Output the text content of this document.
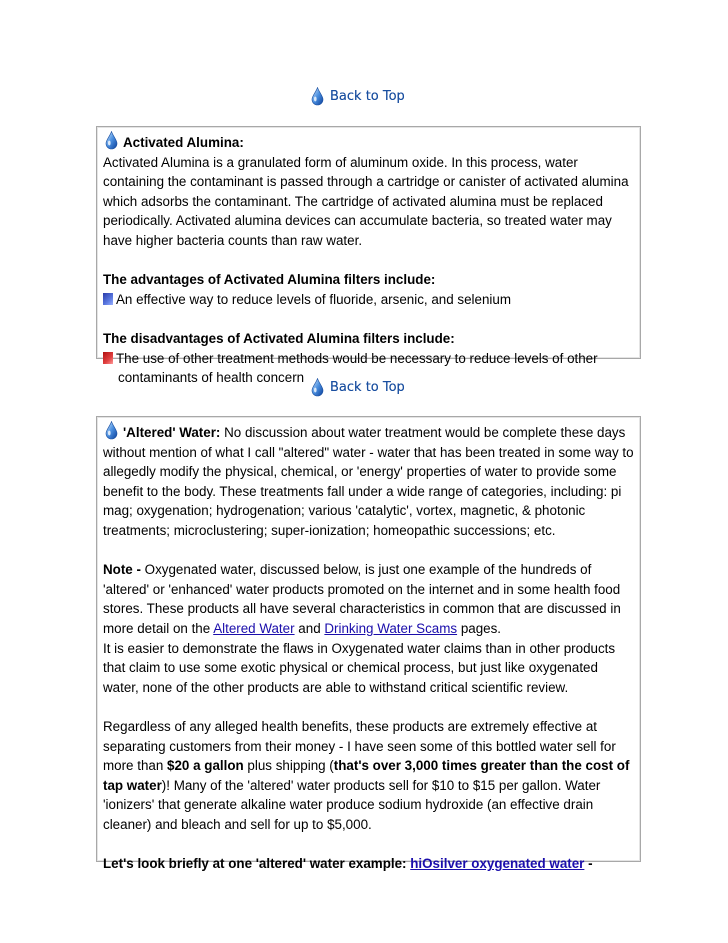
Back to Top

Activated Alumina:

Activated Alumina is a granulated form of aluminum oxide. In this process, water containing the contaminant is passed through a cartridge or canister of activated alumina which adsorbs the contaminant. The cartridge of activated alumina must be replaced periodically. Activated alumina devices can accumulate bacteria, so treated water may have higher bacteria counts than raw water.

The advantages of Activated Alumina filters include:

An effective way to reduce levels of fluoride, arsenic, and selenium

The disadvantages of Activated Alumina filters include:

The use of other treatment methods would be necessary to reduce levels of other

contaminants of health concern

Back to Top

'Altered' Water: No discussion about water treatment would be complete these days without mention of what I call "altered" water - water that has been treated in some way to allegedly modify the physical, chemical, or 'energy' properties of water to provide some benefit to the body. These treatments fall under a wide range of categories, including: pi mag; oxygenation; hydrogenation; various 'catalytic', vortex, magnetic, & photonic treatments; microclustering; super-ionization; homeopathic successions; etc.

Note - Oxygenated water, discussed below, is just one example of the hundreds of 'altered' or 'enhanced' water products promoted on the internet and in some health food stores. These products all have several characteristics in common that are discussed in more detail on the Altered Water and Drinking Water Scams pages.
It is easier to demonstrate the flaws in Oxygenated water claims than in other products that claim to use some exotic physical or chemical process, but just like oxygenated water, none of the other products are able to withstand critical scientific review.

Regardless of any alleged health benefits, these products are extremely effective at separating customers from their money - I have seen some of this bottled water sell for more than $20 a gallon plus shipping (that's over 3,000 times greater than the cost of tap water)! Many of the 'altered' water products sell for $10 to $15 per gallon. Water 'ionizers' that generate alkaline water produce sodium hydroxide (an effective drain cleaner) and bleach and sell for up to $5,000.

Let's look briefly at one 'altered' water example: hiOsilver oxygenated water -
